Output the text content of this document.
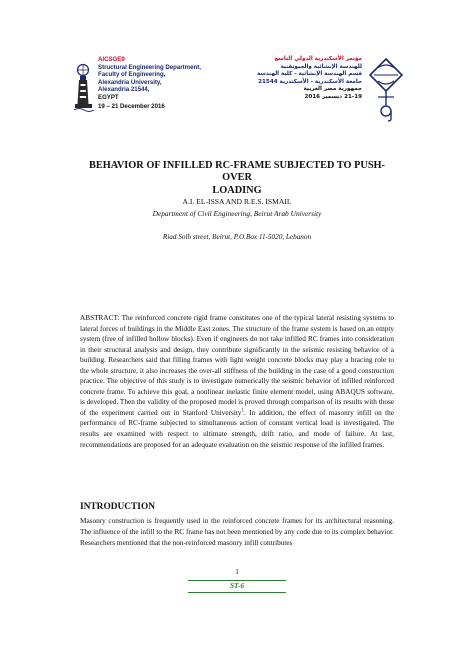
AICSGE9
Structural Engineering Department,
Faculty of Engineering,
Alexandria University,
Alexandria 21544,
EGYPT
19 – 21 December 2016
مؤتمر الأسكندرية الدولي التاسع
للهندسة الإنشائية والجيوتقنية
قسم الهندسة الإنشائية - كلية الهندسة
جامعة الأسكندرية - الأسكندرية 21544
جمهورية مصر العربية
21-19 ديسمبر 2016
BEHAVIOR OF INFILLED RC-FRAME SUBJECTED TO PUSH-OVER
LOADING
A.I. EL-ISSA AND R.E.S. ISMAIL
Department of Civil Engineering, Beirut Arab University
Riad Solh street, Beirut, P.O.Box 11-5020, Lebanon

ABSTRACT: The reinforced concrete rigid frame constitutes one of the typical lateral resisting systems to lateral forces of buildings in the Middle East zones. The structure of the frame system is based on an empty system (free of infilled hollow blocks). Even if engineers do not take infilled RC frames into consideration in their structural analysis and design, they contribute significantly in the seismic resisting behavior of a building. Researchers said that filling frames with light weight concrete blocks may play a bracing role to the whole structure, it also increases the over-all stiffness of the building in the case of a good construction practice. The objective of this study is to investigate numerically the seismic behavior of infilled reinforced concrete frame. To achieve this goal, a nonlinear inelastic finite element model, using ABAQUS software, is developed. Then the validity of the proposed model is proved through comparison of its results with those of the experiment carried out in Stanford University$^1$. In addition, the effect of masonry infill on the performance of RC-frame subjected to simultaneous action of constant vertical load is investigated. The results are examined with respect to ultimate strength, drift ratio, and mode of failure. At last, recommendations are proposed for an adequate evaluation on the seismic response of the infilled frames.

INTRODUCTION

Masonry construction is frequently used in the reinforced concrete frames for its architectural reasoning. The influence of the infill to the RC frame has not been mentioned by any code due to its complex behavior. Researchers mentioned that the non-reinforced masonry infill contributes

1
ST-6
